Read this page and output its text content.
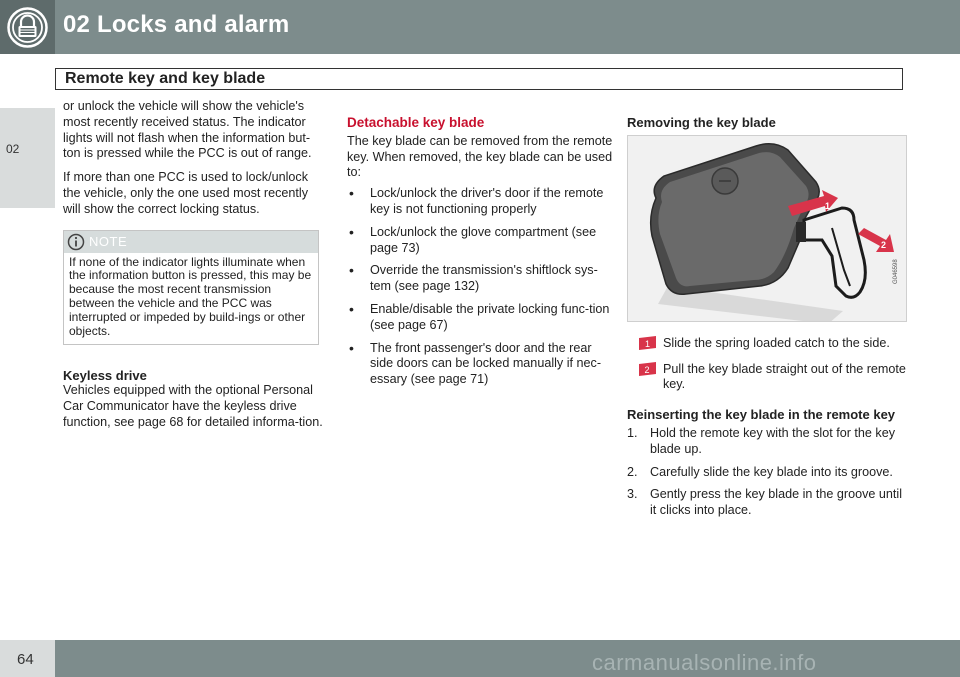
02 Locks and alarm
Remote key and key blade
02

or unlock the vehicle will show the vehicle's most recently received status. The indicator lights will not flash when the information but-ton is pressed while the PCC is out of range.

If more than one PCC is used to lock/unlock the vehicle, only the one used most recently will show the correct locking status.

NOTE
If none of the indicator lights illuminate when the information button is pressed, this may be because the most recent transmission between the vehicle and the PCC was interrupted or impeded by build-ings or other objects.
Keyless drive

Vehicles equipped with the optional Personal Car Communicator have the keyless drive function, see page 68 for detailed informa-tion.

Detachable key blade

The key blade can be removed from the remote key. When removed, the key blade can be used to:

• Lock/unlock the driver's door if the remote key is not functioning properly
• Lock/unlock the glove compartment (see page 73)
• Override the transmission's shiftlock sys-tem (see page 132)
• Enable/disable the private locking func-tion (see page 67)
• The front passenger's door and the rear side doors can be locked manually if nec-essary (see page 71)
Removing the key blade
1
2
G046598
1 Slide the spring loaded catch to the side.
2 Pull the key blade straight out of the remote key.
Reinserting the key blade in the remote key
1. Hold the remote key with the slot for the key blade up.
2. Carefully slide the key blade into its groove.
3. Gently press the key blade in the groove until it clicks into place.
64	carmanualsonline.info
